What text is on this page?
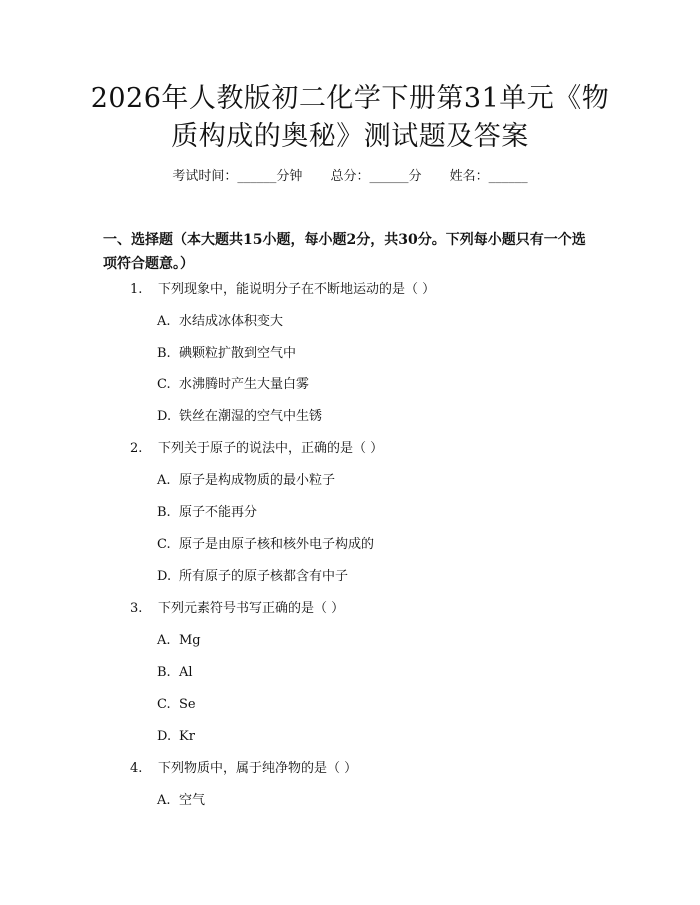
2026年人教版初二化学下册第31单元《物
质构成的奥秘》测试题及答案
考试时间：______分钟 总分：______分 姓名：______
一、选择题（本大题共15小题，每小题2分，共30分。下列每小题只有一个选
项符合题意。）
1. 下列现象中，能说明分子在不断地运动的是（ ）
A. 水结成冰体积变大
B. 碘颗粒扩散到空气中
C. 水沸腾时产生大量白雾
D. 铁丝在潮湿的空气中生锈
2. 下列关于原子的说法中，正确的是（ ）
A. 原子是构成物质的最小粒子
B. 原子不能再分
C. 原子是由原子核和核外电子构成的
D. 所有原子的原子核都含有中子
3. 下列元素符号书写正确的是（ ）
A. Mg
B. Al
C. Se
D. Kr
4. 下列物质中，属于纯净物的是（ ）
A. 空气
